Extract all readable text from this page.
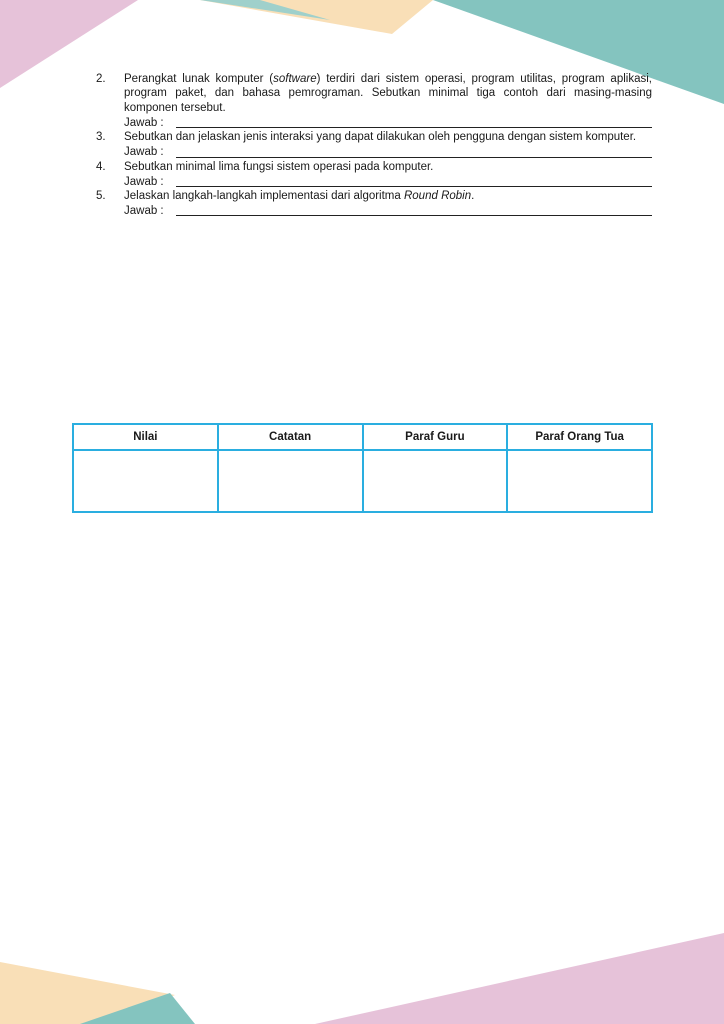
2.	Perangkat lunak komputer (software) terdiri dari sistem operasi, program utilitas, program aplikasi, program paket, dan bahasa pemrograman. Sebutkan minimal tiga contoh dari masing-masing komponen tersebut.
Jawab :
3.	Sebutkan dan jelaskan jenis interaksi yang dapat dilakukan oleh pengguna dengan sistem komputer.
Jawab :
4.	Sebutkan minimal lima fungsi sistem operasi pada komputer.
Jawab :
5.	Jelaskan langkah-langkah implementasi dari algoritma Round Robin.
Jawab :
Nilai	Catatan	Paraf Guru	Paraf Orang Tua
